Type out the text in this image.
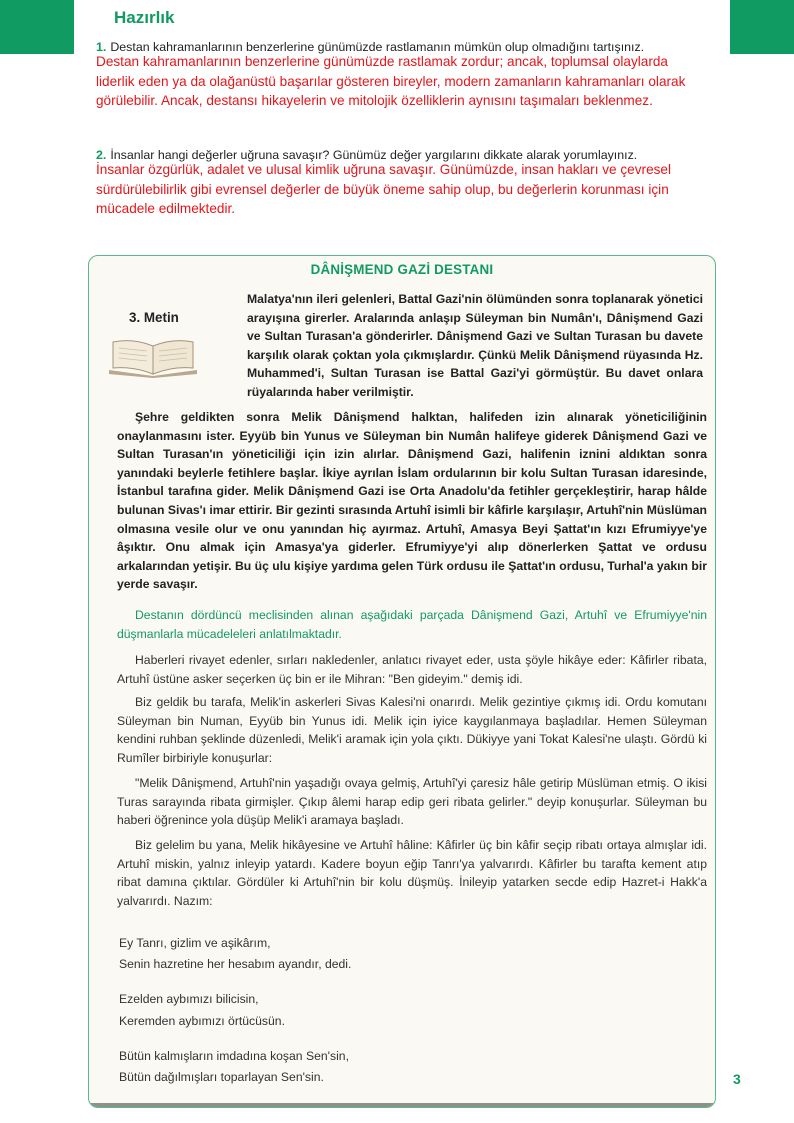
Hazırlık
1. Destan kahramanlarının benzerlerine günümüzde rastlamanın mümkün olup olmadığını tartışınız.
Destan kahramanlarının benzerlerine günümüzde rastlamak zordur; ancak, toplumsal olaylarda liderlik eden ya da olağanüstü başarılar gösteren bireyler, modern zamanların kahramanları olarak görülebilir. Ancak, destansı hikayelerin ve mitolojik özelliklerin aynısını taşımaları beklenmez.
2. İnsanlar hangi değerler uğruna savaşır? Günümüz değer yargılarını dikkate alarak yorumlayınız.
İnsanlar özgürlük, adalet ve ulusal kimlik uğruna savaşır. Günümüzde, insan hakları ve çevresel sürdürülebilirlik gibi evrensel değerler de büyük öneme sahip olup, bu değerlerin korunması için mücadele edilmektedir.
DÂNİŞMEND GAZİ DESTANI
3. Metin
Malatya'nın ileri gelenleri, Battal Gazi'nin ölümünden sonra toplanarak yönetici arayışına girerler. Aralarında anlaşıp Süleyman bin Numân'ı, Dânişmend Gazi ve Sultan Turasan'a gönderirler. Dânişmend Gazi ve Sultan Turasan bu davete karşılık olarak çoktan yola çıkmışlardır. Çünkü Melik Dânişmend rüyasında Hz. Muhammed'i, Sultan Turasan ise Battal Gazi'yi görmüştür. Bu davet onlara rüyalarında haber verilmiştir.
Şehre geldikten sonra Melik Dânişmend halktan, halifeden izin alınarak yöneticiliğinin onaylanmasını ister. Eyyüb bin Yunus ve Süleyman bin Numân halifeye giderek Dânişmend Gazi ve Sultan Turasan'ın yöneticiliği için izin alırlar. Dânişmend Gazi, halifenin iznini aldıktan sonra yanındaki beylerle fetihlere başlar. İkiye ayrılan İslam ordularının bir kolu Sultan Turasan idaresinde, İstanbul tarafına gider. Melik Dânişmend Gazi ise Orta Anadolu'da fetihler gerçekleştirir, harap hâlde bulunan Sivas'ı imar ettirir. Bir gezinti sırasında Artuhî isimli bir kâfirle karşılaşır, Artuhî'nin Müslüman olmasına vesile olur ve onu yanından hiç ayırmaz. Artuhî, Amasya Beyi Şattat'ın kızı Efrumiyye'ye âşıktır. Onu almak için Amasya'ya giderler. Efrumiyye'yi alıp dönerlerken Şattat ve ordusu arkalarından yetişir. Bu üç ulu kişiye yardıma gelen Türk ordusu ile Şattat'ın ordusu, Turhal'a yakın bir yerde savaşır.
Destanın dördüncü meclisinden alınan aşağıdaki parçada Dânişmend Gazi, Artuhî ve Efrumiyye'nin düşmanlarla mücadeleleri anlatılmaktadır.
Haberleri rivayet edenler, sırları nakledenler, anlatıcı rivayet eder, usta şöyle hikâye eder: Kâfirler ribata, Artuhî üstüne asker seçerken üç bin er ile Mihran: "Ben gideyim." demiş idi.
Biz geldik bu tarafa, Melik'in askerleri Sivas Kalesi'ni onarırdı. Melik gezintiye çıkmış idi. Ordu komutanı Süleyman bin Numan, Eyyüb bin Yunus idi. Melik için iyice kaygılanmaya başladılar. Hemen Süleyman kendini ruhban şeklinde düzenledi, Melik'i aramak için yola çıktı. Dükiyye yani Tokat Kalesi'ne ulaştı. Gördü ki Rumîler birbiriyle konuşurlar:
"Melik Dânişmend, Artuhî'nin yaşadığı ovaya gelmiş, Artuhî'yi çaresiz hâle getirip Müslüman etmiş. O ikisi Turas sarayında ribata girmişler. Çıkıp âlemi harap edip geri ribata gelirler." deyip konuşurlar. Süleyman bu haberi öğrenince yola düşüp Melik'i aramaya başladı.
Biz gelelim bu yana, Melik hikâyesine ve Artuhî hâline: Kâfirler üç bin kâfir seçip ribatı ortaya almışlar idi. Artuhî miskin, yalnız inleyip yatardı. Kadere boyun eğip Tanrı'ya yalvarırdı. Kâfirler bu tarafta kement atıp ribat damına çıktılar. Gördüler ki Artuhî'nin bir kolu düşmüş. İnileyip yatarken secde edip Hazret-i Hakk'a yalvarırdı. Nazım:
Ey Tanrı, gizlim ve aşikârım,
Senin hazretine her hesabım ayandır, dedi.
Ezelden aybımızı bilicisin,
Keremden aybımızı örtücüsün.
Bütün kalmışların imdadına koşan Sen'sin,
Bütün dağılmışları toparlayan Sen'sin.	3
